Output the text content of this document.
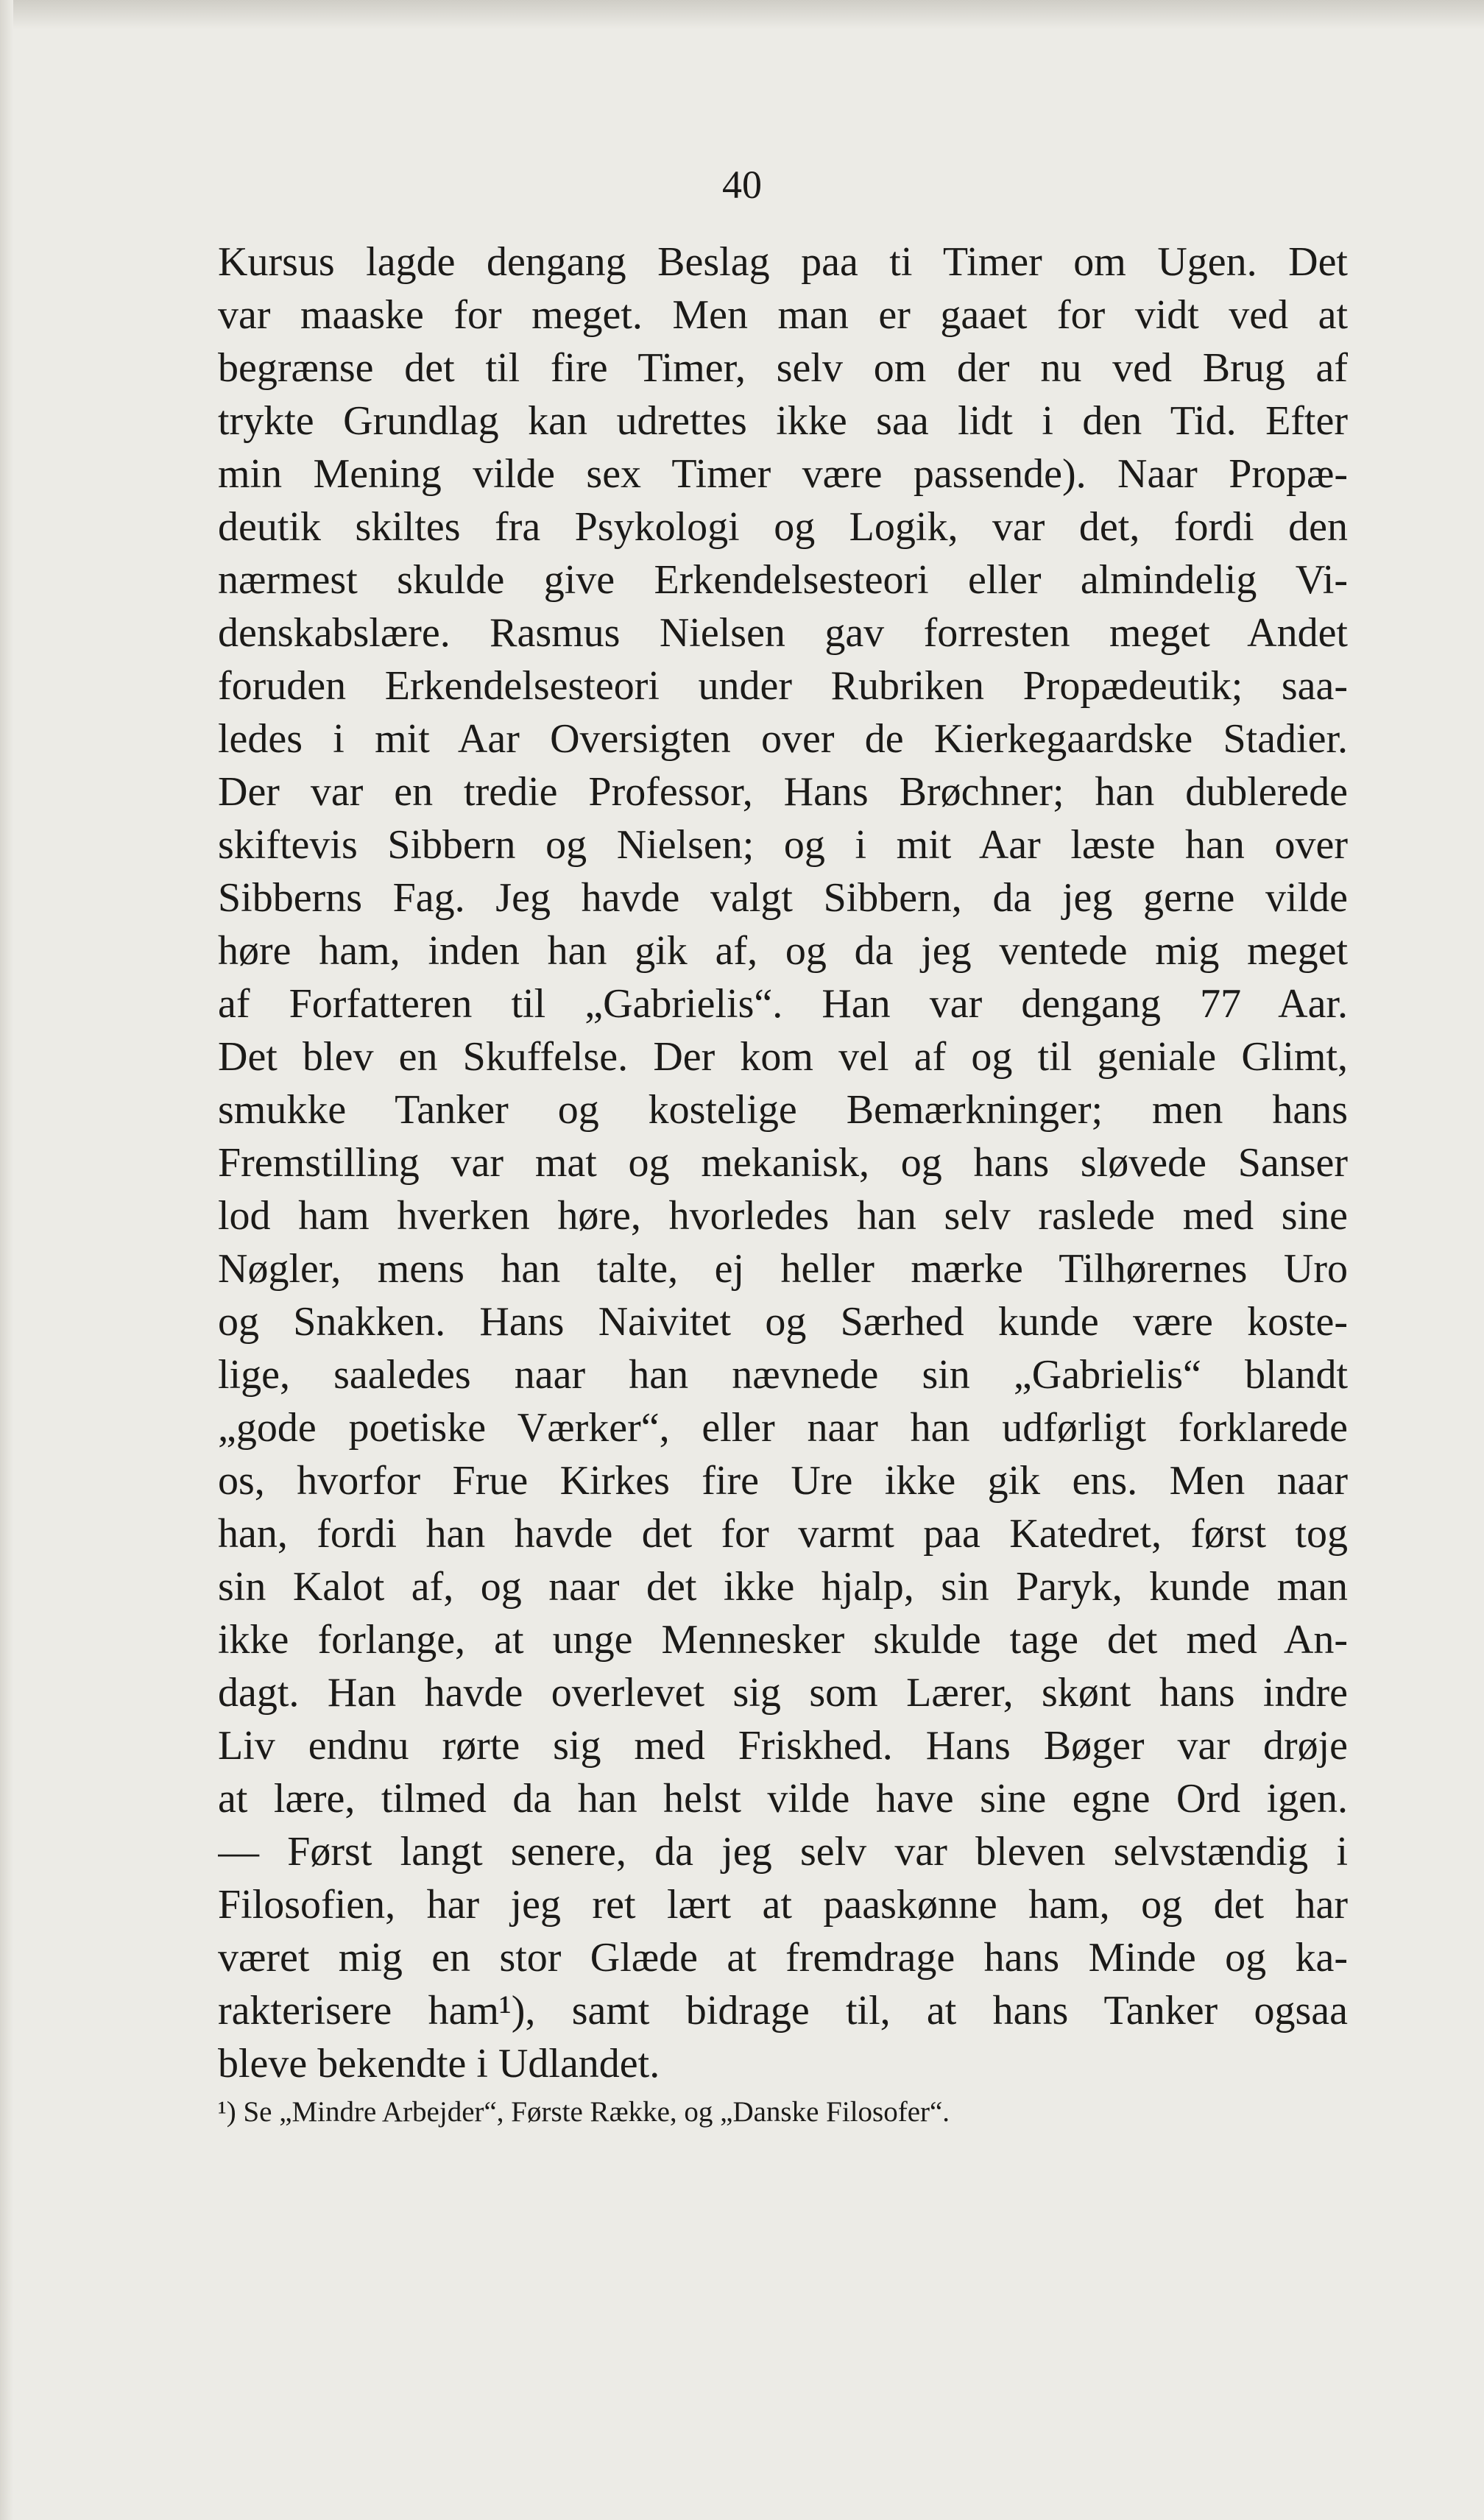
40

Kursus lagde dengang Beslag paa ti Timer om Ugen. Det
var maaske for meget. Men man er gaaet for vidt ved at
begrænse det til fire Timer, selv om der nu ved Brug af
trykte Grundlag kan udrettes ikke saa lidt i den Tid. Efter
min Mening vilde sex Timer være passende). Naar Propæ-
deutik skiltes fra Psykologi og Logik, var det, fordi den
nærmest skulde give Erkendelsesteori eller almindelig Vi-
denskabslære. Rasmus Nielsen gav forresten meget Andet
foruden Erkendelsesteori under Rubriken Propædeutik; saa-
ledes i mit Aar Oversigten over de Kierkegaardske Stadier.
Der var en tredie Professor, Hans Brøchner; han dublerede
skiftevis Sibbern og Nielsen; og i mit Aar læste han over
Sibberns Fag. Jeg havde valgt Sibbern, da jeg gerne vilde
høre ham, inden han gik af, og da jeg ventede mig meget
af Forfatteren til „Gabrielis“. Han var dengang 77 Aar.
Det blev en Skuffelse. Der kom vel af og til geniale Glimt,
smukke Tanker og kostelige Bemærkninger; men hans
Fremstilling var mat og mekanisk, og hans sløvede Sanser
lod ham hverken høre, hvorledes han selv raslede med sine
Nøgler, mens han talte, ej heller mærke Tilhørernes Uro
og Snakken. Hans Naivitet og Særhed kunde være koste-
lige, saaledes naar han nævnede sin „Gabrielis“ blandt
„gode poetiske Værker“, eller naar han udførligt forklarede
os, hvorfor Frue Kirkes fire Ure ikke gik ens. Men naar
han, fordi han havde det for varmt paa Katedret, først tog
sin Kalot af, og naar det ikke hjalp, sin Paryk, kunde man
ikke forlange, at unge Mennesker skulde tage det med An-
dagt. Han havde overlevet sig som Lærer, skønt hans indre
Liv endnu rørte sig med Friskhed. Hans Bøger var drøje
at lære, tilmed da han helst vilde have sine egne Ord igen.
— Først langt senere, da jeg selv var bleven selvstændig i
Filosofien, har jeg ret lært at paaskønne ham, og det har
været mig en stor Glæde at fremdrage hans Minde og ka-
rakterisere ham¹), samt bidrage til, at hans Tanker ogsaa
bleve bekendte i Udlandet.

¹) Se „Mindre Arbejder“, Første Række, og „Danske Filosofer“.
